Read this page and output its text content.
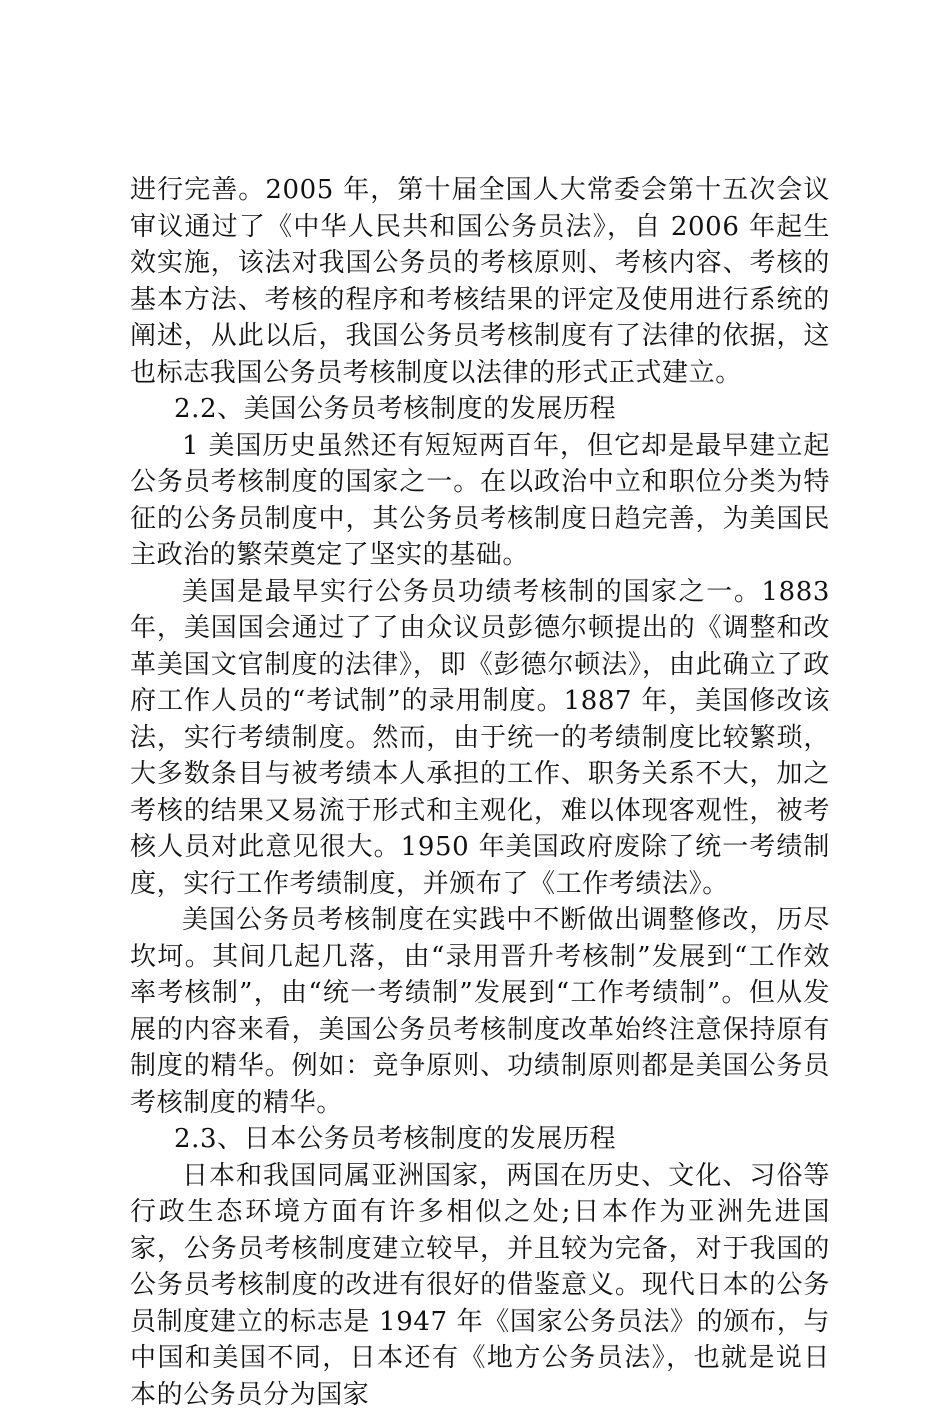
进行完善。2005 年，第十届全国人大常委会第十五次会议审议通过了《中华人民共和国公务员法》，自 2006 年起生效实施，该法对我国公务员的考核原则、考核内容、考核的基本方法、考核的程序和考核结果的评定及使用进行系统的阐述，从此以后，我国公务员考核制度有了法律的依据，这也标志我国公务员考核制度以法律的形式正式建立。

2.2、美国公务员考核制度的发展历程

1 美国历史虽然还有短短两百年，但它却是最早建立起公务员考核制度的国家之一。在以政治中立和职位分类为特征的公务员制度中，其公务员考核制度日趋完善，为美国民主政治的繁荣奠定了坚实的基础。

美国是最早实行公务员功绩考核制的国家之一。1883 年，美国国会通过了了由众议员彭德尔顿提出的《调整和改革美国文官制度的法律》，即《彭德尔顿法》，由此确立了政府工作人员的“考试制”的录用制度。1887 年，美国修改该法，实行考绩制度。然而，由于统一的考绩制度比较繁琐，大多数条目与被考绩本人承担的工作、职务关系不大，加之考核的结果又易流于形式和主观化，难以体现客观性，被考核人员对此意见很大。1950 年美国政府废除了统一考绩制度，实行工作考绩制度，并颁布了《工作考绩法》。

美国公务员考核制度在实践中不断做出调整修改，历尽坎坷。其间几起几落，由“录用晋升考核制”发展到“工作效率考核制”，由“统一考绩制”发展到“工作考绩制”。但从发展的内容来看，美国公务员考核制度改革始终注意保持原有制度的精华。例如：竞争原则、功绩制原则都是美国公务员考核制度的精华。

2.3、日本公务员考核制度的发展历程

日本和我国同属亚洲国家，两国在历史、文化、习俗等行政生态环境方面有许多相似之处;日本作为亚洲先进国家，公务员考核制度建立较早，并且较为完备，对于我国的公务员考核制度的改进有很好的借鉴意义。现代日本的公务员制度建立的标志是 1947 年《国家公务员法》的颁布，与中国和美国不同，日本还有《地方公务员法》，也就是说日本的公务员分为国家
